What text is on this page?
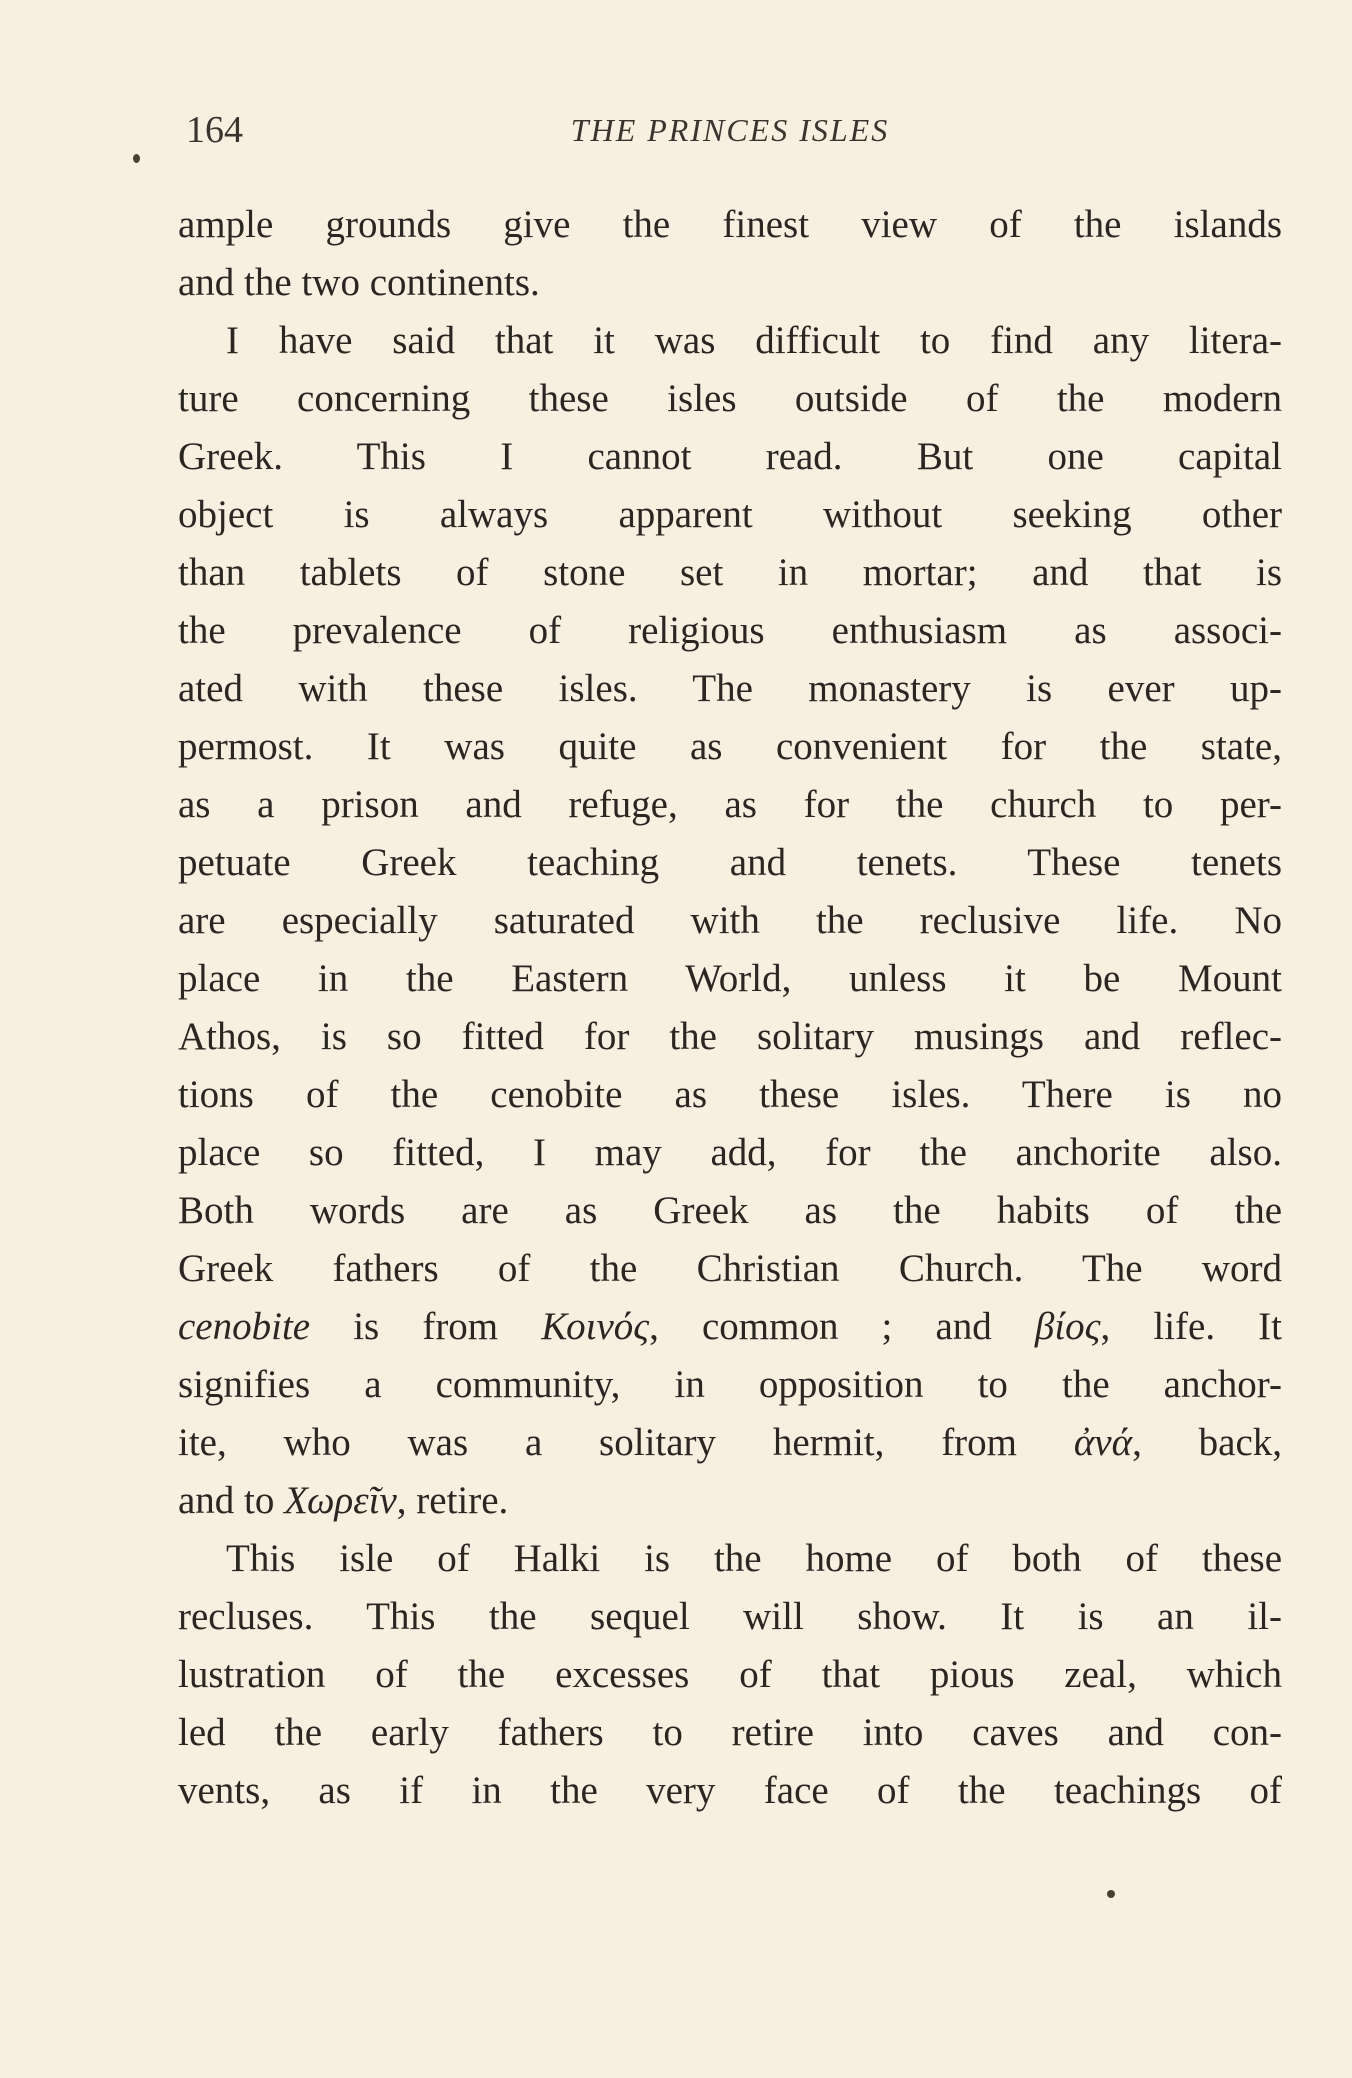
164	THE PRINCES ISLES
ample grounds give the finest view of the islands
and the two continents.
I have said that it was difficult to find any litera-
ture concerning these isles outside of the modern
Greek. This I cannot read. But one capital
object is always apparent without seeking other
than tablets of stone set in mortar; and that is
the prevalence of religious enthusiasm as associ-
ated with these isles. The monastery is ever up-
permost. It was quite as convenient for the state,
as a prison and refuge, as for the church to per-
petuate Greek teaching and tenets. These tenets
are especially saturated with the reclusive life. No
place in the Eastern World, unless it be Mount
Athos, is so fitted for the solitary musings and reflec-
tions of the cenobite as these isles. There is no
place so fitted, I may add, for the anchorite also.
Both words are as Greek as the habits of the
Greek fathers of the Christian Church. The word
cenobite is from Κοινός, common ; and βίος, life. It
signifies a community, in opposition to the anchor-
ite, who was a solitary hermit, from ἀνά, back,
and to Χωρεῖν, retire.
This isle of Halki is the home of both of these
recluses. This the sequel will show. It is an il-
lustration of the excesses of that pious zeal, which
led the early fathers to retire into caves and con-
vents, as if in the very face of the teachings of
